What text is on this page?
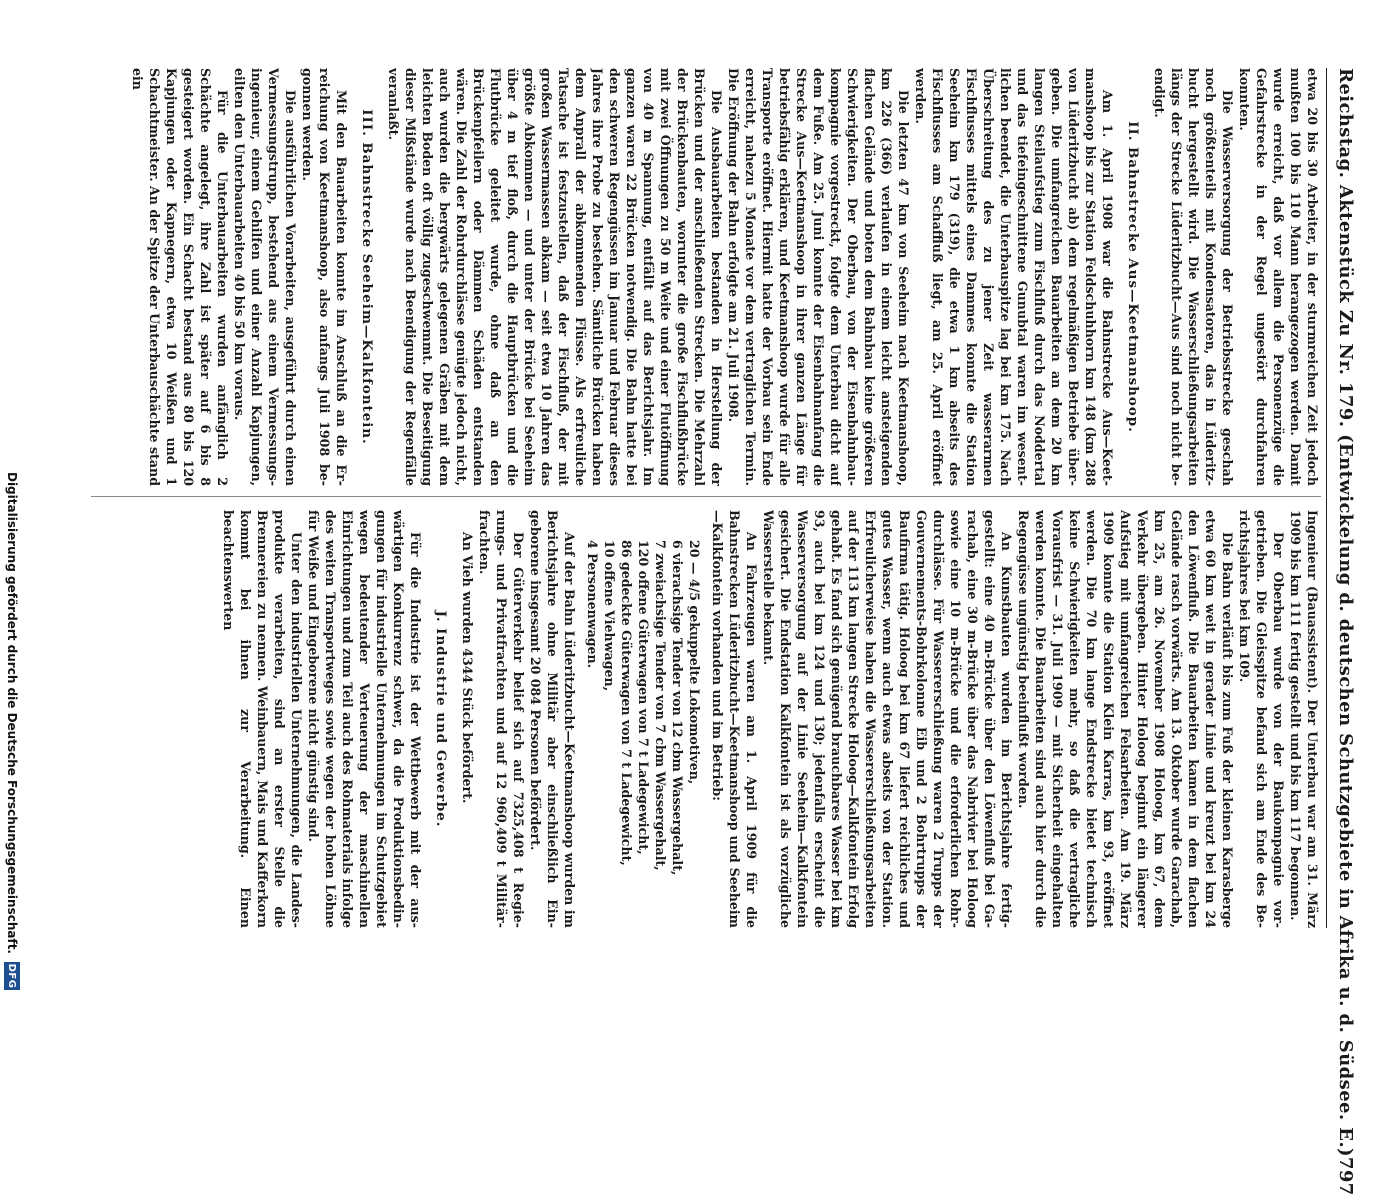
Reichstag. Aktenstück Zu Nr. 179. (Entwickelung d. deutschen Schutzgebiete in Afrika u. d. Südsee. E.)
797

etwa 20 bis 30 Arbeiter, in der sturmreichen Zeit jedoch mußten 100 bis 110 Mann herangezogen werden. Damit wurde erreicht, daß vor allem die Personenzüge die Gefahrstrecke in der Regel ungestört durchfahren konnten.

Die Wasserversorgung der Betriebsstrecke geschah noch größtenteils mit Kondensatoren, das in Lüderitzbucht hergestellt wird. Die Wasserschließungsarbeiten längs der Strecke Lüderitzbucht—Aus sind noch nicht beendigt.

II. Bahnstrecke Aus—Keetmanshoop.

Am 1. April 1908 war die Bahnstrecke Aus—Keetmanshoop bis zur Station Feldschuhhorn km 148 (km 288 von Lüderitzbucht ab) dem regelmäßigen Betriebe übergeben. Die umfangreichen Bauarbeiten an dem 20 km langen Steilaufstieg zum Fischfluß durch das Noddertal und das tiefeingeschnittene Gunubtal waren im wesentlichen beendet, die Unterbauspitze lag bei km 175. Nach Überschreitung des zu jener Zeit wasserarmen Fischflusses mittels eines Dammes konnte die Station Seeheim km 179 (319), die etwa 1 km abseits des Fischflusses am Schaffluß liegt, am 25. April eröffnet werden.

Die letzten 47 km von Seeheim nach Keetmanshoop, km 226 (366) verlaufen in einem leicht ansteigenden flachen Gelände und boten dem Bahnbau keine größeren Schwierigkeiten. Der Oberbau, von der Eisenbahnbaukompagnie vorgestreckt, folgte dem Unterbau dicht auf dem Fuße. Am 25. Juni konnte der Eisenbahnanfang die Strecke Aus—Keetmanshoop in ihrer ganzen Länge für betriebsfähig erklären, und Keetmanshoop wurde für alle Transporte eröffnet. Hiermit hatte der Vorbau sein Ende erreicht, nahezu 5 Monate vor dem vertraglichen Termin. Die Eröffnung der Bahn erfolgte am 21. Juli 1908.

Die Ausbauarbeiten bestanden in Herstellung der Brücken und der anschließenden Strecken. Die Mehrzahl der Brückenbauten, worunter die große Fischflußbrücke mit zwei Öffnungen zu 50 m Weite und einer Flutöffnung von 40 m Spannung, entfällt auf das Berichtsjahr. Im ganzen waren 22 Brücken notwendig. Die Bahn hatte bei den schweren Regengüssen im Januar und Februar dieses Jahres ihre Probe zu bestehen. Sämtliche Brücken haben dem Anprall der abkommenden Flüsse. Als erfreuliche Tatsache ist festzustellen, daß der Fischfluß, der mit großen Wassermassen abkam — seit etwa 10 Jahren das größte Abkommen — und unter der Brücke bei Seeheim über 4 m tief floß, durch die Hauptbrücken und die Flutbrücke geleitet wurde, ohne daß an den Brückenpfeilern oder Dämmen Schäden entstanden wären. Die Zahl der Rohrdurchlässe genügte jedoch nicht, auch wurden die bergwärts gelegenen Gräben mit dem leichten Boden oft völlig zugeschwemmt. Die Beseitigung dieser Mißstände wurde nach Beendigung der Regenfälle veranlaßt.

III. Bahnstrecke Seeheim—Kalkfontein.

Mit den Bauarbeiten konnte im Anschluß an die Erreichung von Keetmanshoop, also anfangs Juli 1908 begonnen werden.

Die ausführlichen Vorarbeiten, ausgeführt durch einen Vermessungstrupp, bestehend aus einem Vermessungsingenieur, einem Gehilfen und einer Anzahl Kapjungen, eilten den Unterbauarbeiten 40 bis 50 km voraus.

Für die Unterbauarbeiten wurden anfänglich 2 Schächte angelegt, ihre Zahl ist später auf 6 bis 8 gesteigert worden. Ein Schacht bestand aus 80 bis 120 Kapjungen oder Kapnegern, etwa 10 Weißen und 1 Schachtmeister. An der Spitze der Unterbauschächte stand ein

Ingenieur (Bauassistent). Der Unterbau war am 31. März 1909 bis km 111 fertig gestellt und bis km 117 begonnen.

Der Oberbau wurde von der Baukompagnie vorgetrieben. Die Gleisspitze befand sich am Ende des Berichtsjahres bei km 109.

Die Bahn verläuft bis zum Fuß der kleinen Karasberge etwa 60 km weit in gerader Linie und kreuzt bei km 24 den Löwenfluß. Die Bauarbeiten kamen in dem flachen Gelände rasch vorwärts. Am 13. Oktober wurde Garachab, km 25, am 26. November 1908 Holoog, km 67, dem Verkehr übergeben. Hinter Holoog beginnt ein längerer Aufstieg mit umfangreichen Felsarbeiten. Am 19. März 1909 konnte die Station Klein Karras, km 93, eröffnet werden. Die 70 km lange Endstrecke bietet technisch keine Schwierigkeiten mehr, so daß die vertragliche Vorausfrist — 31. Juli 1909 — mit Sicherheit eingehalten werden konnte. Die Bauarbeiten sind auch hier durch die Regengüsse ungünstig beeinflußt worden.

An Kunstbauten wurden im Berichtsjahre fertiggestellt: eine 40 m-Brücke über den Löwenfluß bei Garachab, eine 30 m-Brücke über das Nabrivier bei Holoog sowie eine 10 m-Brücke und die erforderlichen Rohrdurchlässe. Für Wassererschließung waren 2 Trupps der Gouvernements-Bohrkolonne Eib und 2 Bohrtrupps der Baufirma tätig. Holoog bei km 67 liefert reichliches und gutes Wasser, wenn auch etwas abseits von der Station. Erfreulicherweise haben die Wassererschließungsarbeiten auf der 113 km langen Strecke Holoog—Kalkfontein Erfolg gehabt. Es fand sich genügend brauchbares Wasser bei km 93, auch bei km 124 und 130; jedenfalls erscheint die Wasserversorgung auf der Linie Seeheim—Kalkfontein gesichert. Die Endstation Kalkfontein ist als vorzügliche Wasserstelle bekannt.

An Fahrzeugen waren am 1. April 1909 für die Bahnstrecken Lüderitzbucht—Keetmanshoop und Seeheim—Kalkfontein vorhanden und im Betrieb:

20 — 4/5 gekuppelte Lokomotiven,
6 vierachsige Tender von 12 cbm Wassergehalt,
7 zweiachsige Tender von 7 cbm Wassergehalt,
120 offene Güterwagen von 7 t Ladegewicht,
86 gedeckte Güterwagen von 7 t Ladegewicht,
10 offene Viehwagen,
4 Personenwagen.

Auf der Bahn Lüderitzbucht—Keetmanshoop wurden im Berichtsjahre ohne Militär aber einschließlich Eingeborene insgesamt 20 084 Personen befördert.

Der Güterverkehr belief sich auf 7325,408 t Regierungs- und Privatfrachten und auf 12 960,409 t Militärfrachten.

An Vieh wurden 4344 Stück befördert.

J. Industrie und Gewerbe.

Für die Industrie ist der Wettbewerb mit der auswärtigen Konkurrenz schwer, da die Produktionsbedingungen für industrielle Unternehmungen im Schutzgebiet wegen bedeutender Verteuerung der maschinellen Einrichtungen und zum Teil auch des Rohmaterials infolge des weiten Transportweges sowie wegen der hohen Löhne für Weiße und Eingeborene nicht günstig sind.

Unter den industriellen Unternehmungen, die Landesprodukte verarbeiten, sind an erster Stelle die Brennereien zu nennen. Weinbauern, Mais und Kafferkorn kommt bei ihnen zur Verarbeitung. Einen beachtenswerten

Digitalisierung gefördert durch die Deutsche Forschungsgemeinschaft.
DFG
